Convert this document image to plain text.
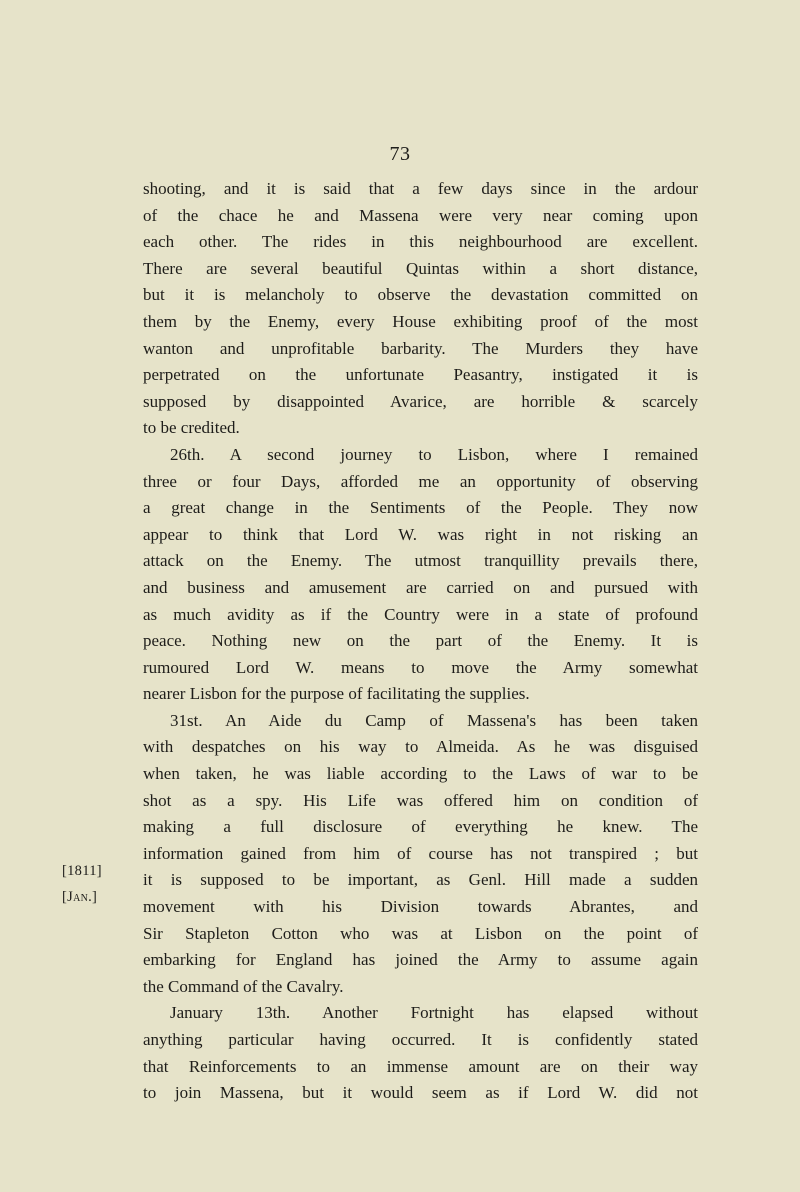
73
[1811]
[Jan.]
shooting, and it is said that a few days since in the ardour
of the chace he and Massena were very near coming upon
each other. The rides in this neighbourhood are excellent.
There are several beautiful Quintas within a short distance,
but it is melancholy to observe the devastation committed on
them by the Enemy, every House exhibiting proof of the most
wanton and unprofitable barbarity. The Murders they have
perpetrated on the unfortunate Peasantry, instigated it is
supposed by disappointed Avarice, are horrible & scarcely
to be credited.
26th. A second journey to Lisbon, where I remained
three or four Days, afforded me an opportunity of observing
a great change in the Sentiments of the People. They now
appear to think that Lord W. was right in not risking an
attack on the Enemy. The utmost tranquillity prevails there,
and business and amusement are carried on and pursued with
as much avidity as if the Country were in a state of profound
peace. Nothing new on the part of the Enemy. It is
rumoured Lord W. means to move the Army somewhat
nearer Lisbon for the purpose of facilitating the supplies.
31st. An Aide du Camp of Massena's has been taken
with despatches on his way to Almeida. As he was disguised
when taken, he was liable according to the Laws of war to be
shot as a spy. His Life was offered him on condition of
making a full disclosure of everything he knew. The
information gained from him of course has not transpired ; but
it is supposed to be important, as Genl. Hill made a sudden
movement with his Division towards Abrantes, and
Sir Stapleton Cotton who was at Lisbon on the point of
embarking for England has joined the Army to assume again
the Command of the Cavalry.
January 13th. Another Fortnight has elapsed without
anything particular having occurred. It is confidently stated
that Reinforcements to an immense amount are on their way
to join Massena, but it would seem as if Lord W. did not
